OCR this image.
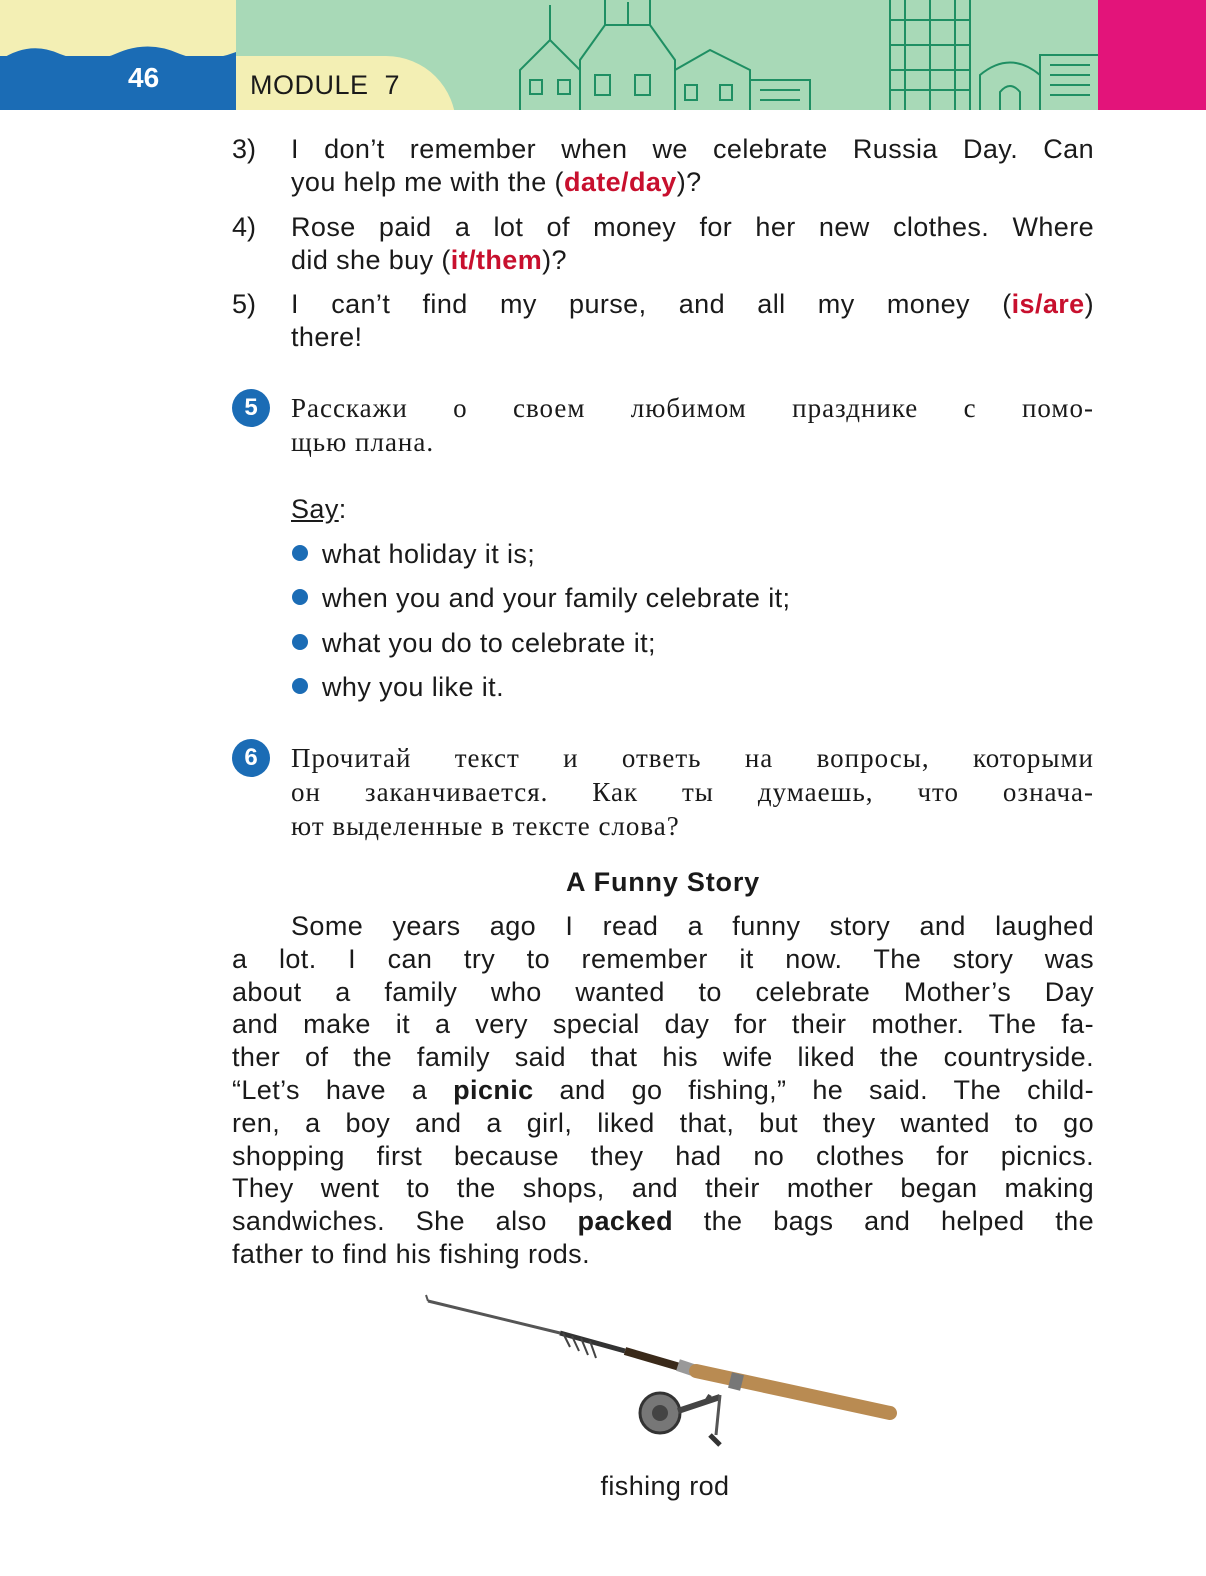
46	MODULE  7
3) I don’t remember when we celebrate Russia Day. Can
you help me with the (date/day)?
4) Rose paid a lot of money for her new clothes. Where
did she buy (it/them)?
5) I can’t find my purse, and all my money (is/are)
there!
5	Расскажи о своем любимом празднике с помо-
щью плана.
Say:
what holiday it is;
when you and your family celebrate it;
what you do to celebrate it;
why you like it.
6	Прочитай текст и ответь на вопросы, которыми
он заканчивается. Как ты думаешь, что означа-
ют выделенные в тексте слова?
A Funny Story
Some years ago I read a funny story and laughed
a lot. I can try to remember it now. The story was
about a family who wanted to celebrate Mother’s Day
and make it a very special day for their mother. The fa-
ther of the family said that his wife liked the countryside.
“Let’s have a picnic and go fishing,” he said. The child-
ren, a boy and a girl, liked that, but they wanted to go
shopping first because they had no clothes for picnics.
They went to the shops, and their mother began making
sandwiches. She also packed the bags and helped the
father to find his fishing rods.
fishing rod
